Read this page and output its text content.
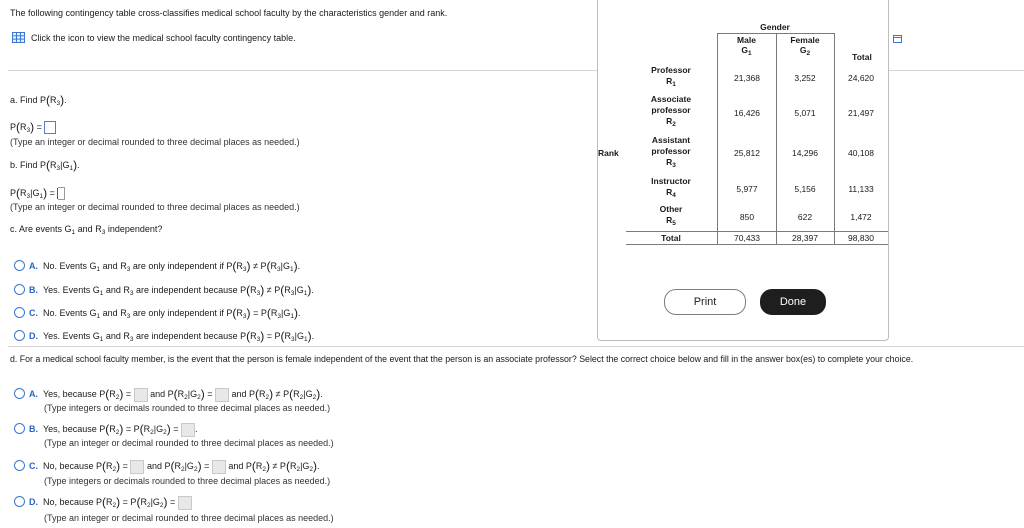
The following contingency table cross-classifies medical school faculty by the characteristics gender and rank.
Click the icon to view the medical school faculty contingency table.
a. Find $P(R_3)$.
$P(R_3)$ =
(Type an integer or decimal rounded to three decimal places as needed.)
b. Find $P(R_3|G_1)$.
$P(R_3|G_1)$ =
(Type an integer or decimal rounded to three decimal places as needed.)
c. Are events $G_1$ and $R_3$ independent?
A. No. Events $G_1$ and $R_3$ are only independent if $P(R_3) \ne P(R_3|G_1)$.
B. Yes. Events $G_1$ and $R_3$ are independent because $P(R_3) \ne P(R_3|G_1)$.
C. No. Events $G_1$ and $R_3$ are only independent if $P(R_3) = P(R_3|G_1)$.
D. Yes. Events $G_1$ and $R_3$ are independent because $P(R_3) = P(R_3|G_1)$.
d. For a medical school faculty member, is the event that the person is female independent of the event that the person is an associate professor? Select the correct choice below and fill in the answer box(es) to complete your choice.
A. Yes, because $P(R_2)$ =  and $P(R_2|G_2)$ =  and $P(R_2) \ne P(R_2|G_2)$.
(Type integers or decimals rounded to three decimal places as needed.)
B. Yes, because $P(R_2) = P(R_2|G_2)$ = .
(Type an integer or decimal rounded to three decimal places as needed.)
C. No, because $P(R_2)$ =  and $P(R_2|G_2)$ =  and $P(R_2) \ne P(R_2|G_2)$.
(Type integers or decimals rounded to three decimal places as needed.)
D. No, because $P(R_2) = P(R_2|G_2)$ =
(Type an integer or decimal rounded to three decimal places as needed.)
Gender
Male
$G_1$
Female
$G_2$	Total
Rank
Professor
$R_1$
21,368	3,252	24,620
Associate
professor
$R_2$
16,426	5,071	21,497
Assistant
professor
$R_3$
25,812	14,296	40,108
Instructor
$R_4$
5,977	5,156	11,133
Other
$R_5$
850	622	1,472
Total	70,433	28,397	98,830
Print	Done
